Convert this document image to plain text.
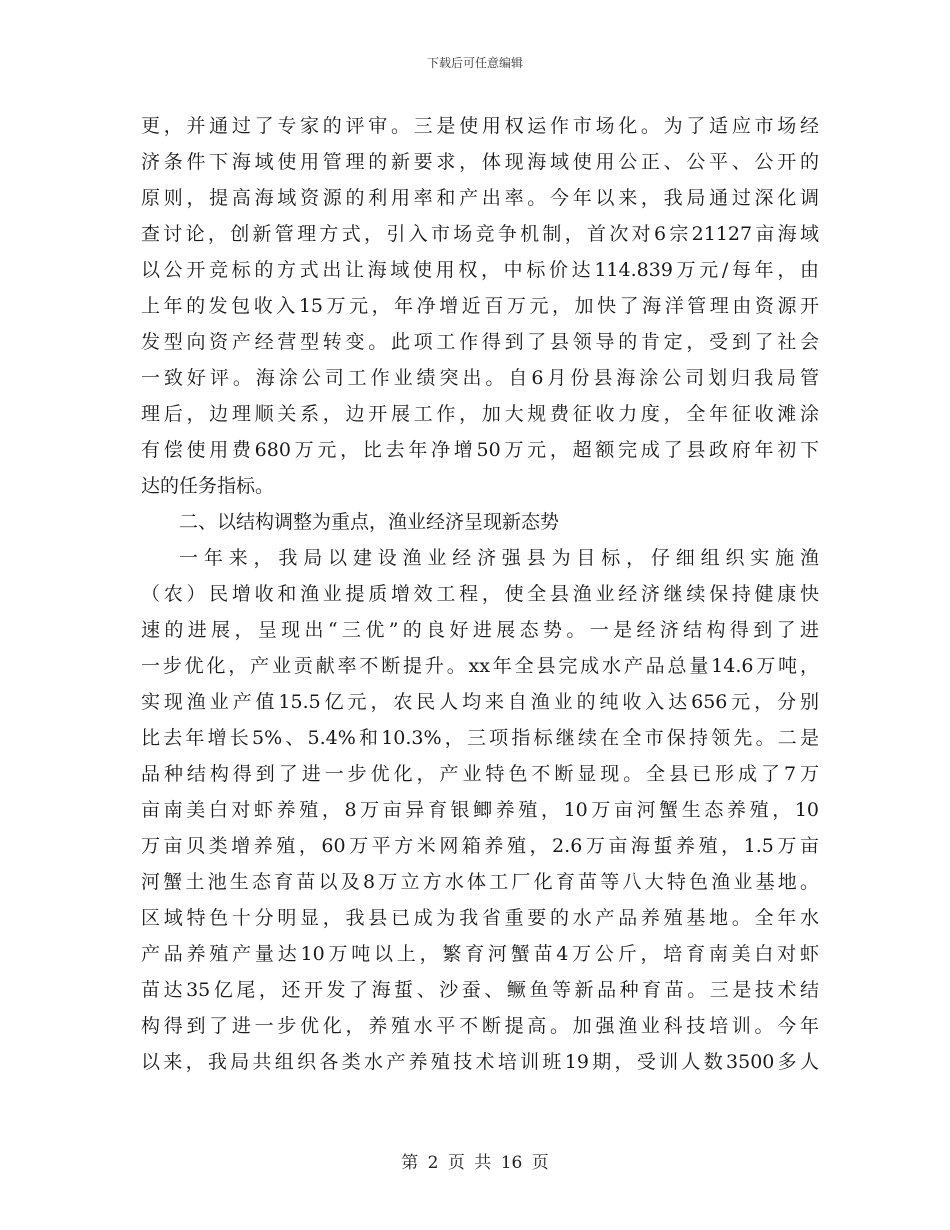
下载后可任意编辑
更，并通过了专家的评审。三是使用权运作市场化。为了适应市场经
济条件下海域使用管理的新要求，体现海域使用公正、公平、公开的
原则，提高海域资源的利用率和产出率。今年以来，我局通过深化调
查讨论，创新管理方式，引入市场竞争机制，首次对6宗21127亩海域
以公开竞标的方式出让海域使用权，中标价达114.839万元/每年，由
上年的发包收入15万元，年净增近百万元，加快了海洋管理由资源开
发型向资产经营型转变。此项工作得到了县领导的肯定，受到了社会
一致好评。海涂公司工作业绩突出。自6月份县海涂公司划归我局管
理后，边理顺关系，边开展工作，加大规费征收力度，全年征收滩涂
有偿使用费680万元，比去年净增50万元，超额完成了县政府年初下
达的任务指标。
二、以结构调整为重点，渔业经济呈现新态势
一年来，我局以建设渔业经济强县为目标，仔细组织实施渔
（农）民增收和渔业提质增效工程，使全县渔业经济继续保持健康快
速的进展，呈现出“三优”的良好进展态势。一是经济结构得到了进
一步优化，产业贡献率不断提升。xx年全县完成水产品总量14.6万吨，
实现渔业产值15.5亿元，农民人均来自渔业的纯收入达656元，分别
比去年增长5%、5.4%和10.3%，三项指标继续在全市保持领先。二是
品种结构得到了进一步优化，产业特色不断显现。全县已形成了7万
亩南美白对虾养殖，8万亩异育银鲫养殖，10万亩河蟹生态养殖，10
万亩贝类增养殖，60万平方米网箱养殖，2.6万亩海蜇养殖，1.5万亩
河蟹土池生态育苗以及8万立方水体工厂化育苗等八大特色渔业基地。
区域特色十分明显，我县已成为我省重要的水产品养殖基地。全年水
产品养殖产量达10万吨以上，繁育河蟹苗4万公斤，培育南美白对虾
苗达35亿尾，还开发了海蜇、沙蚕、鳜鱼等新品种育苗。三是技术结
构得到了进一步优化，养殖水平不断提高。加强渔业科技培训。今年
以来，我局共组织各类水产养殖技术培训班19期，受训人数3500多人
第 2 页 共 16 页
